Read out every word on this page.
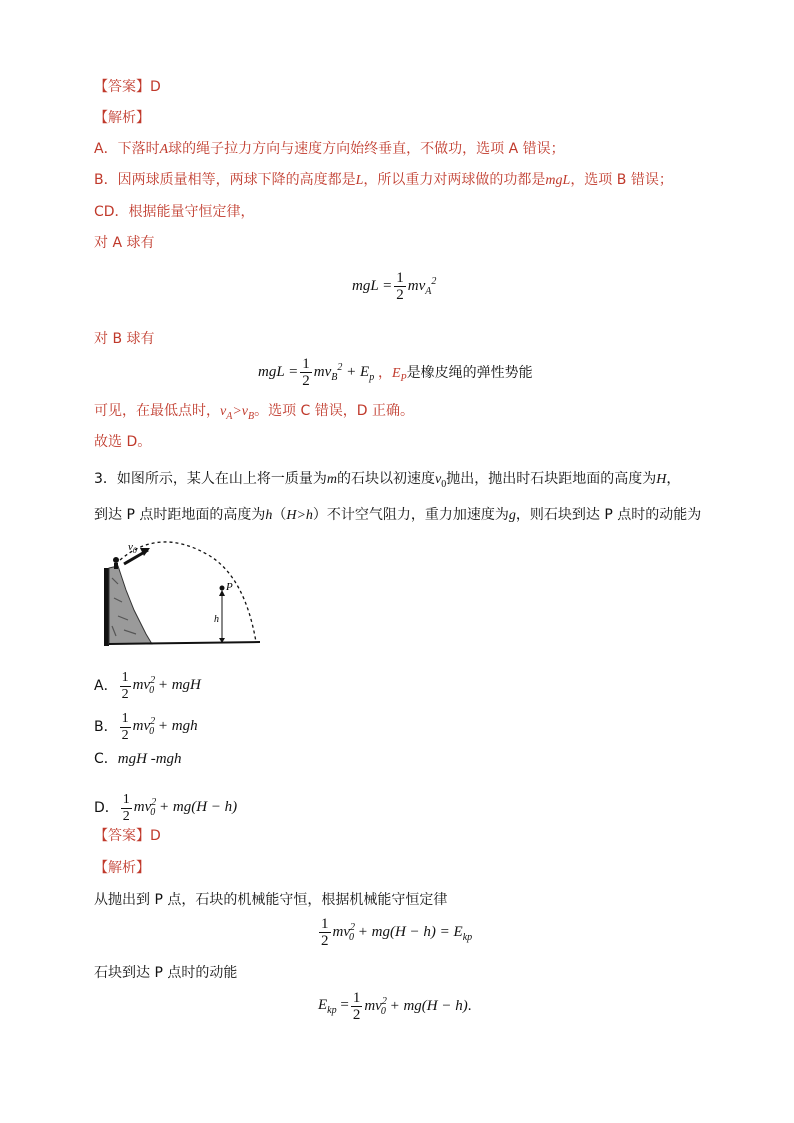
【答案】D
【解析】
A．下落时A球的绳子拉力方向与速度方向始终垂直，不做功，选项 A 错误；
B．因两球质量相等，两球下降的高度都是L，所以重力对两球做的功都是mgL，选项 B 错误；
CD．根据能量守恒定律，
对 A 球有
mgL = $\frac{1}{2} mv_A^2$
对 B 球有
mgL = $\frac{1}{2} mv_B^2 + E_p$ ，$E_P$是橡皮绳的弹性势能
可见，在最低点时，$v_A>v_B$。选项 C 错误，D 正确。
故选 D。
3．如图所示，某人在山上将一质量为m的石块以初速度$v_0$抛出，抛出时石块距地面的高度为H，
到达 P 点时距地面的高度为h（H>h）不计空气阻力，重力加速度为g，则石块到达 P 点时的动能为
$v_0$
P
h
A． $\frac{1}{2} mv^2_0$ + mgH
B． $\frac{1}{2} mv^2_0$ + mgh
C．mgH -mgh
D． $\frac{1}{2} mv^2_0 + mg(H - h)$
【答案】D
【解析】
从抛出到 P 点，石块的机械能守恒，根据机械能守恒定律
$\frac{1}{2} mv^2_0 + mg(H - h) = E_{kp}$
石块到达 P 点时的动能
$E_{kp} = \frac{1}{2} mv^2_0 + mg(H - h)$.
